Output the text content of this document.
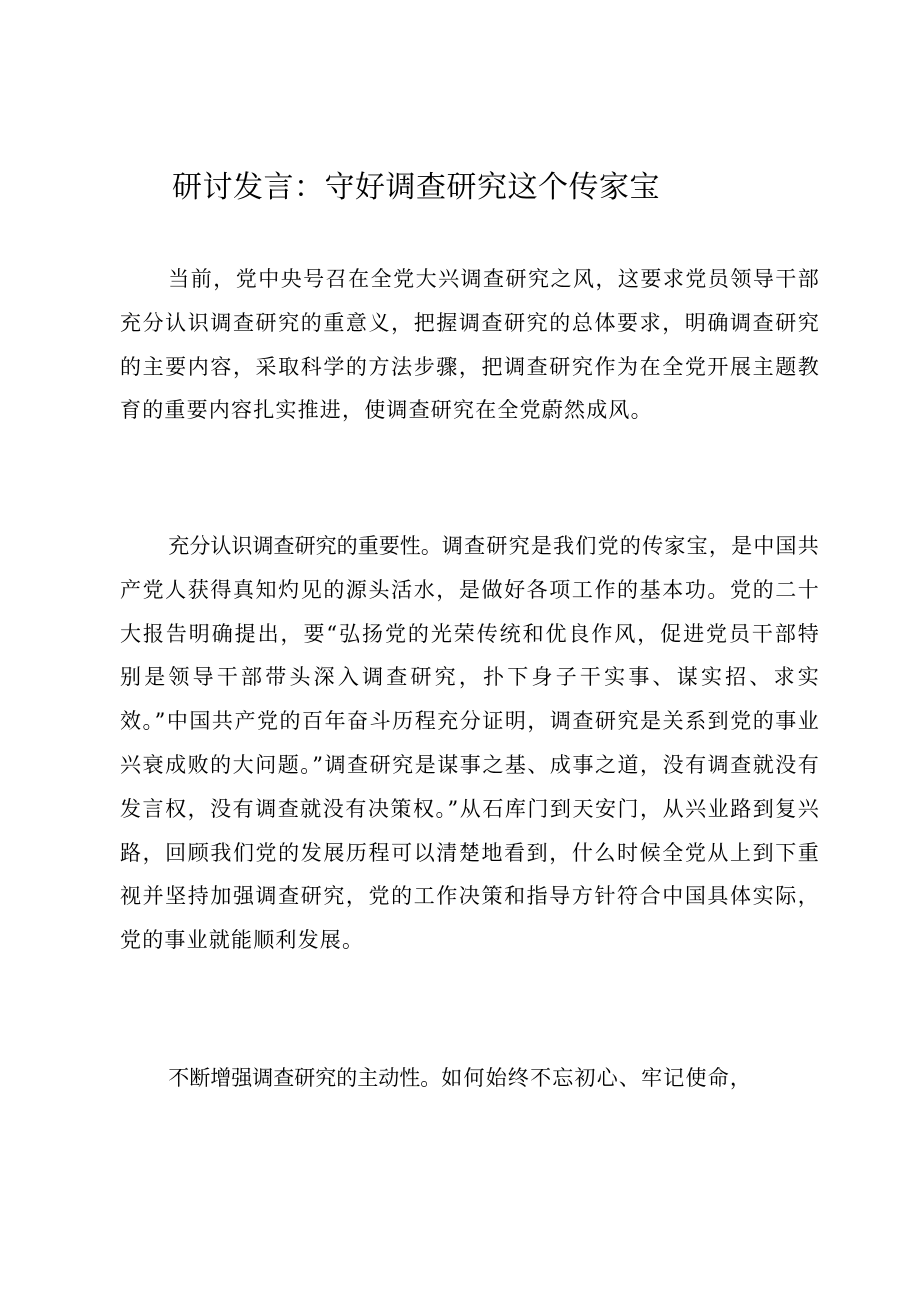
研讨发言：守好调查研究这个传家宝

当前，党中央号召在全党大兴调查研究之风，这要求党员领导干部充分认识调查研究的重意义，把握调查研究的总体要求，明确调查研究的主要内容，采取科学的方法步骤，把调查研究作为在全党开展主题教育的重要内容扎实推进，使调查研究在全党蔚然成风。

充分认识调查研究的重要性。调查研究是我们党的传家宝，是中国共产党人获得真知灼见的源头活水，是做好各项工作的基本功。党的二十大报告明确提出，要“弘扬党的光荣传统和优良作风，促进党员干部特别是领导干部带头深入调查研究，扑下身子干实事、谋实招、求实效。”中国共产党的百年奋斗历程充分证明，调查研究是关系到党的事业兴衰成败的大问题。”调查研究是谋事之基、成事之道，没有调查就没有发言权，没有调查就没有决策权。”从石库门到天安门，从兴业路到复兴路，回顾我们党的发展历程可以清楚地看到，什么时候全党从上到下重视并坚持加强调查研究，党的工作决策和指导方针符合中国具体实际，党的事业就能顺利发展。

不断增强调查研究的主动性。如何始终不忘初心、牢记使命，
